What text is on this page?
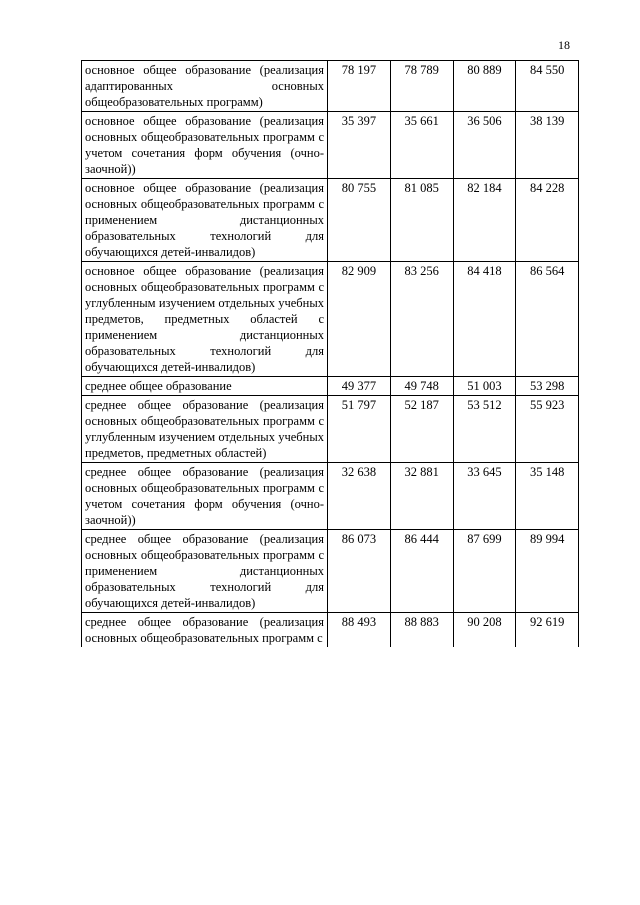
18
основное общее образование (реализация адаптированных основных общеобразовательных программ)	78 197	78 789	80 889	84 550
основное общее образование (реализация основных общеобразовательных программ с учетом сочетания форм обучения (очно-заочной))	35 397	35 661	36 506	38 139
основное общее образование (реализация основных общеобразовательных программ с применением дистанционных образовательных технологий для обучающихся детей-инвалидов)	80 755	81 085	82 184	84 228
основное общее образование (реализация основных общеобразовательных программ с углубленным изучением отдельных учебных предметов, предметных областей с применением дистанционных образовательных технологий для обучающихся детей-инвалидов)	82 909	83 256	84 418	86 564
среднее общее образование	49 377	49 748	51 003	53 298
среднее общее образование (реализация основных общеобразовательных программ с углубленным изучением отдельных учебных предметов, предметных областей)	51 797	52 187	53 512	55 923
среднее общее образование (реализация основных общеобразовательных программ с учетом сочетания форм обучения (очно-заочной))	32 638	32 881	33 645	35 148
среднее общее образование (реализация основных общеобразовательных программ с применением дистанционных образовательных технологий для обучающихся детей-инвалидов)	86 073	86 444	87 699	89 994
среднее общее образование (реализация основных общеобразовательных программ с	88 493	88 883	90 208	92 619
